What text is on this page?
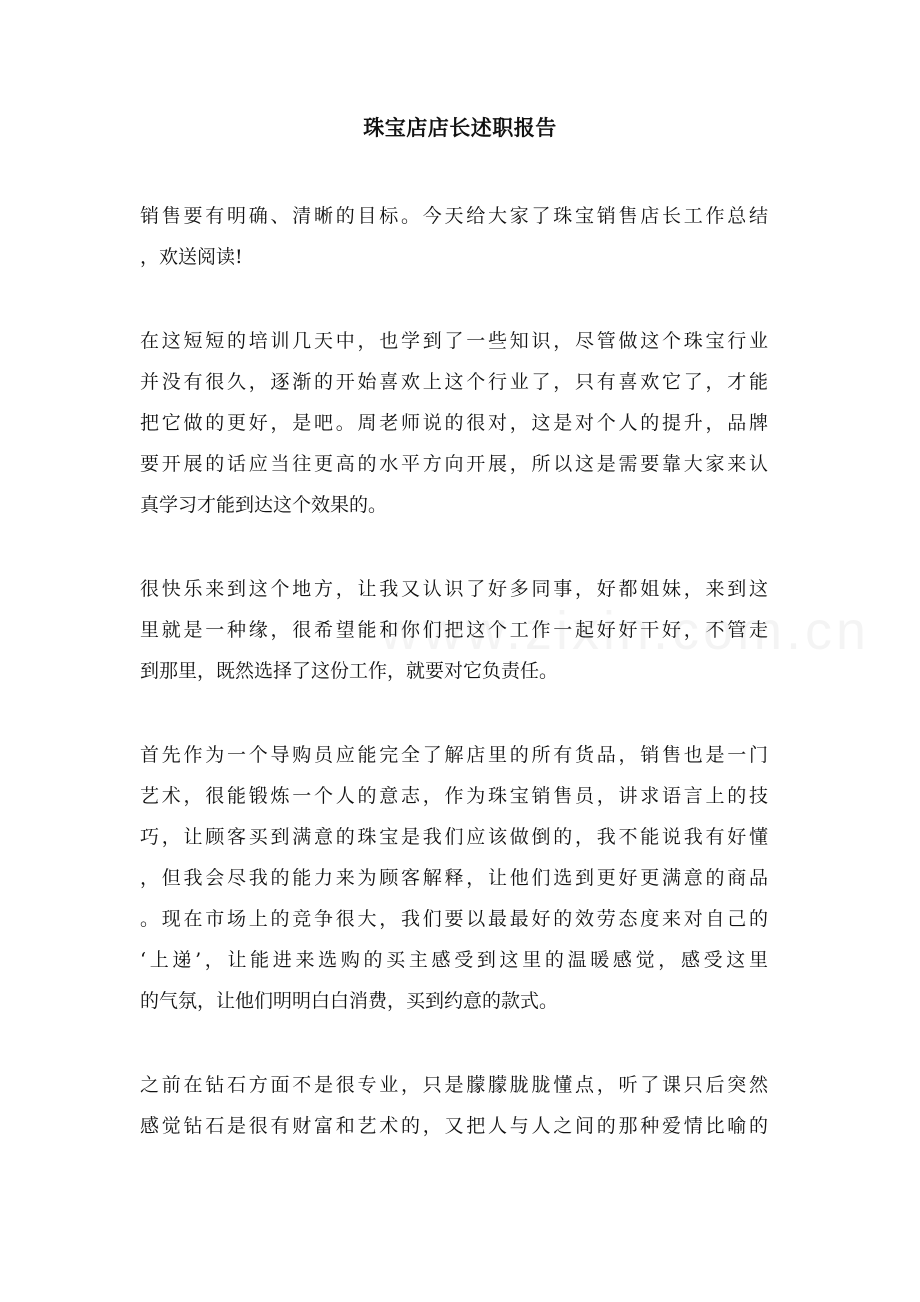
珠宝店店长述职报告
销售要有明确、清晰的目标。今天给大家了珠宝销售店长工作总结
，欢送阅读!
在这短短的培训几天中，也学到了一些知识，尽管做这个珠宝行业
并没有很久，逐渐的开始喜欢上这个行业了，只有喜欢它了，才能
把它做的更好，是吧。周老师说的很对，这是对个人的提升，品牌
要开展的话应当往更高的水平方向开展，所以这是需要靠大家来认
真学习才能到达这个效果的。
很快乐来到这个地方，让我又认识了好多同事，好都姐妹，来到这
里就是一种缘，很希望能和你们把这个工作一起好好干好，不管走
到那里，既然选择了这份工作，就要对它负责任。
首先作为一个导购员应能完全了解店里的所有货品，销售也是一门
艺术，很能锻炼一个人的意志，作为珠宝销售员，讲求语言上的技
巧，让顾客买到满意的珠宝是我们应该做倒的，我不能说我有好懂
，但我会尽我的能力来为顾客解释，让他们选到更好更满意的商品
。现在市场上的竞争很大，我们要以最最好的效劳态度来对自己的
‘上递’，让能进来选购的买主感受到这里的温暖感觉，感受这里
的气氛，让他们明明白白消费，买到约意的款式。
之前在钻石方面不是很专业，只是朦朦胧胧懂点，听了课只后突然
感觉钻石是很有财富和艺术的，又把人与人之间的那种爱情比喻的
